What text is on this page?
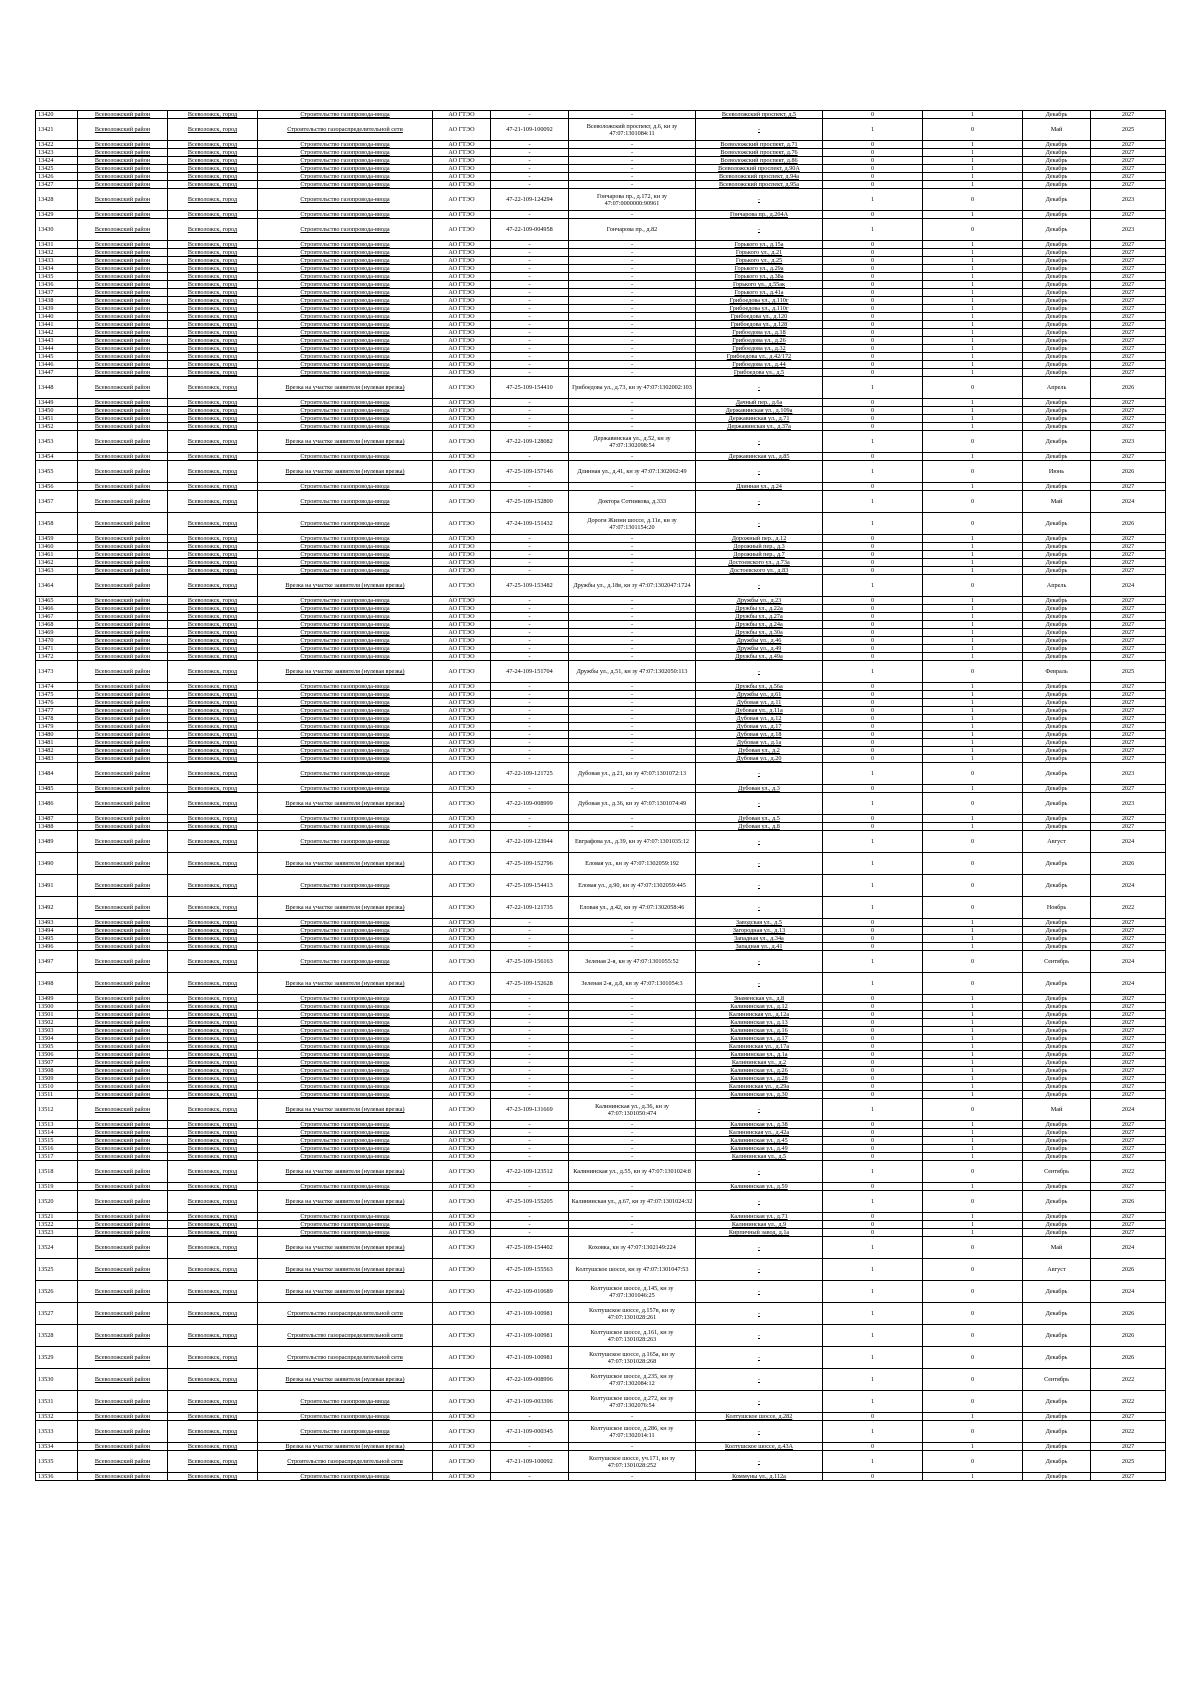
13420	Всеволожский район	Всеволожск, город	Строительство газопровода-ввода	АО ГТЭО	-	-	Всеволожский проспект, д.5	0	1	Декабрь	2027
13421	Всеволожский район	Всеволожск, город	Строительство газораспределительной сети	АО ГТЭО	47-21-109-100092	Всеволожский проспект, д.6, кн зу 47:07:1301084:11	-	1	0	Май	2025
13422	Всеволожский район	Всеволожск, город	Строительство газопровода-ввода	АО ГТЭО	-	-	Всеволожский проспект, д.71	0	1	Декабрь	2027
13423	Всеволожский район	Всеволожск, город	Строительство газопровода-ввода	АО ГТЭО	-	-	Всеволожский проспект, д.76	0	1	Декабрь	2027
13424	Всеволожский район	Всеволожск, город	Строительство газопровода-ввода	АО ГТЭО	-	-	Всеволожский проспект, д.86	0	1	Декабрь	2027
13425	Всеволожский район	Всеволожск, город	Строительство газопровода-ввода	АО ГТЭО	-	-	Всеволожский проспект, д.90А	0	1	Декабрь	2027
13426	Всеволожский район	Всеволожск, город	Строительство газопровода-ввода	АО ГТЭО	-	-	Всеволожский проспект, д.94а	0	1	Декабрь	2027
13427	Всеволожский район	Всеволожск, город	Строительство газопровода-ввода	АО ГТЭО	-	-	Всеволожский проспект, д.95а	0	1	Декабрь	2027
13428	Всеволожский район	Всеволожск, город	Строительство газопровода-ввода	АО ГТЭО	47-22-109-124294	Гончарова пр., д.172, кн зу 47:07:0000000:90961	-	1	0	Декабрь	2023
13429	Всеволожский район	Всеволожск, город	Строительство газопровода-ввода	АО ГТЭО	-	-	Гончарова пр., д.204А	0	1	Декабрь	2027
13430	Всеволожский район	Всеволожск, город	Строительство газопровода-ввода	АО ГТЭО	47-22-109-004958	Гончарова пр., д.82	-	1	0	Декабрь	2023
13431	Всеволожский район	Всеволожск, город	Строительство газопровода-ввода	АО ГТЭО	-	-	Горького ул., д.15а	0	1	Декабрь	2027
13432	Всеволожский район	Всеволожск, город	Строительство газопровода-ввода	АО ГТЭО	-	-	Горького ул., д.21	0	1	Декабрь	2027
13433	Всеволожский район	Всеволожск, город	Строительство газопровода-ввода	АО ГТЭО	-	-	Горького ул., д.25	0	1	Декабрь	2027
13434	Всеволожский район	Всеволожск, город	Строительство газопровода-ввода	АО ГТЭО	-	-	Горького ул., д.29а	0	1	Декабрь	2027
13435	Всеволожский район	Всеволожск, город	Строительство газопровода-ввода	АО ГТЭО	-	-	Горького ул., д.38а	0	1	Декабрь	2027
13436	Всеволожский район	Всеволожск, город	Строительство газопровода-ввода	АО ГТЭО	-	-	Горького ул., д.55ак	0	1	Декабрь	2027
13437	Всеволожский район	Всеволожск, город	Строительство газопровода-ввода	АО ГТЭО	-	-	Горького ул., д.41а	0	1	Декабрь	2027
13438	Всеволожский район	Всеволожск, город	Строительство газопровода-ввода	АО ГТЭО	-	-	Грибоедова ул., д.110г	0	1	Декабрь	2027
13439	Всеволожский район	Всеволожск, город	Строительство газопровода-ввода	АО ГТЭО	-	-	Грибоедова ул., д.110г	0	1	Декабрь	2027
13440	Всеволожский район	Всеволожск, город	Строительство газопровода-ввода	АО ГТЭО	-	-	Грибоедова ул., д.120	0	1	Декабрь	2027
13441	Всеволожский район	Всеволожск, город	Строительство газопровода-ввода	АО ГТЭО	-	-	Грибоедова ул., д.128	0	1	Декабрь	2027
13442	Всеволожский район	Всеволожск, город	Строительство газопровода-ввода	АО ГТЭО	-	-	Грибоедова ул., д.18	0	1	Декабрь	2027
13443	Всеволожский район	Всеволожск, город	Строительство газопровода-ввода	АО ГТЭО	-	-	Грибоедова ул., д.26	0	1	Декабрь	2027
13444	Всеволожский район	Всеволожск, город	Строительство газопровода-ввода	АО ГТЭО	-	-	Грибоедова ул., д.32	0	1	Декабрь	2027
13445	Всеволожский район	Всеволожск, город	Строительство газопровода-ввода	АО ГТЭО	-	-	Грибоедова ул., д.42/172	0	1	Декабрь	2027
13446	Всеволожский район	Всеволожск, город	Строительство газопровода-ввода	АО ГТЭО	-	-	Грибоедова ул., д.44	0	1	Декабрь	2027
13447	Всеволожский район	Всеволожск, город	Строительство газопровода-ввода	АО ГТЭО	-	-	Грибоедова ул., д.5	0	1	Декабрь	2027
13448	Всеволожский район	Всеволожск, город	Врезка на участке заявителя (нулевая врезка)	АО ГТЭО	47-25-109-154410	Грибоедова ул., д.73, кн зу 47:07:1302002:103	-	1	0	Апрель	2026
13449	Всеволожский район	Всеволожск, город	Строительство газопровода-ввода	АО ГТЭО	-	-	Дачный пер., д.6а	0	1	Декабрь	2027
13450	Всеволожский район	Всеволожск, город	Строительство газопровода-ввода	АО ГТЭО	-	-	Державинская ул., д.109а	0	1	Декабрь	2027
13451	Всеволожский район	Всеволожск, город	Строительство газопровода-ввода	АО ГТЭО	-	-	Державинская ул., д.71	0	1	Декабрь	2027
13452	Всеволожский район	Всеволожск, город	Строительство газопровода-ввода	АО ГТЭО	-	-	Державинская ул., д.37а	0	1	Декабрь	2027
13453	Всеволожский район	Всеволожск, город	Врезка на участке заявителя (нулевая врезка)	АО ГТЭО	47-22-109-128082	Державинская ул., д.52, кн зу 47:07:1302098:54	-	1	0	Декабрь	2023
13454	Всеволожский район	Всеволожск, город	Строительство газопровода-ввода	АО ГТЭО	-	-	Державинская ул., д.85	0	1	Декабрь	2027
13455	Всеволожский район	Всеволожск, город	Врезка на участке заявителя (нулевая врезка)	АО ГТЭО	47-25-109-157146	Длинная ул., д.41, кн зу 47:07:1302062:49	-	1	0	Июнь	2026
13456	Всеволожский район	Всеволожск, город	Строительство газопровода-ввода	АО ГТЭО	-	-	Длинная ул., д.24	0	1	Декабрь	2027
13457	Всеволожский район	Всеволожск, город	Строительство газопровода-ввода	АО ГТЭО	47-25-109-152800	Доктора Сотникова, д.333	-	1	0	Май	2024
13458	Всеволожский район	Всеволожск, город	Строительство газопровода-ввода	АО ГТЭО	47-24-109-151432	Дороги Жизни шоссе, д.11е, кн зу 47:07:1301154:20	-	1	0	Декабрь	2026
13459	Всеволожский район	Всеволожск, город	Строительство газопровода-ввода	АО ГТЭО	-	-	Дорожный пер., д.12	0	1	Декабрь	2027
13460	Всеволожский район	Всеволожск, город	Строительство газопровода-ввода	АО ГТЭО	-	-	Дорожный пер., д.3	0	1	Декабрь	2027
13461	Всеволожский район	Всеволожск, город	Строительство газопровода-ввода	АО ГТЭО	-	-	Дорожный пер., д.7	0	1	Декабрь	2027
13462	Всеволожский район	Всеволожск, город	Строительство газопровода-ввода	АО ГТЭО	-	-	Достоевского ул., д.73а	0	1	Декабрь	2027
13463	Всеволожский район	Всеволожск, город	Строительство газопровода-ввода	АО ГТЭО	-	-	Достоевского ул., д.83	0	1	Декабрь	2027
13464	Всеволожский район	Всеволожск, город	Врезка на участке заявителя (нулевая врезка)	АО ГТЭО	47-25-109-153482	Дружбы ул., д.18в, кн зу 47:07:1302047:1724	-	1	0	Апрель	2024
13465	Всеволожский район	Всеволожск, город	Строительство газопровода-ввода	АО ГТЭО	-	-	Дружбы ул., д.23	0	1	Декабрь	2027
13466	Всеволожский район	Всеволожск, город	Строительство газопровода-ввода	АО ГТЭО	-	-	Дружбы ул., д.22а	0	1	Декабрь	2027
13467	Всеволожский район	Всеволожск, город	Строительство газопровода-ввода	АО ГТЭО	-	-	Дружбы ул., д.27а	0	1	Декабрь	2027
13468	Всеволожский район	Всеволожск, город	Строительство газопровода-ввода	АО ГТЭО	-	-	Дружбы ул., д.24а	0	1	Декабрь	2027
13469	Всеволожский район	Всеволожск, город	Строительство газопровода-ввода	АО ГТЭО	-	-	Дружбы ул., д.30а	0	1	Декабрь	2027
13470	Всеволожский район	Всеволожск, город	Строительство газопровода-ввода	АО ГТЭО	-	-	Дружбы ул., д.46	0	1	Декабрь	2027
13471	Всеволожский район	Всеволожск, город	Строительство газопровода-ввода	АО ГТЭО	-	-	Дружбы ул., д.49	0	1	Декабрь	2027
13472	Всеволожский район	Всеволожск, город	Строительство газопровода-ввода	АО ГТЭО	-	-	Дружбы ул., д.49а	0	1	Декабрь	2027
13473	Всеволожский район	Всеволожск, город	Врезка на участке заявителя (нулевая врезка)	АО ГТЭО	47-24-109-151704	Дружбы ул., д.51, кн зу 47:07:1302050:113	-	1	0	Февраль	2025
13474	Всеволожский район	Всеволожск, город	Строительство газопровода-ввода	АО ГТЭО	-	-	Дружбы ул., д.56а	0	1	Декабрь	2027
13475	Всеволожский район	Всеволожск, город	Строительство газопровода-ввода	АО ГТЭО	-	-	Дружбы ул., д.61	0	1	Декабрь	2027
13476	Всеволожский район	Всеволожск, город	Строительство газопровода-ввода	АО ГТЭО	-	-	Дубовая ул., д.11	0	1	Декабрь	2027
13477	Всеволожский район	Всеволожск, город	Строительство газопровода-ввода	АО ГТЭО	-	-	Дубовая ул., д.11а	0	1	Декабрь	2027
13478	Всеволожский район	Всеволожск, город	Строительство газопровода-ввода	АО ГТЭО	-	-	Дубовая ул., д.12	0	1	Декабрь	2027
13479	Всеволожский район	Всеволожск, город	Строительство газопровода-ввода	АО ГТЭО	-	-	Дубовая ул., д.17	0	1	Декабрь	2027
13480	Всеволожский район	Всеволожск, город	Строительство газопровода-ввода	АО ГТЭО	-	-	Дубовая ул., д.18	0	1	Декабрь	2027
13481	Всеволожский район	Всеволожск, город	Строительство газопровода-ввода	АО ГТЭО	-	-	Дубовая ул., д.1а	0	1	Декабрь	2027
13482	Всеволожский район	Всеволожск, город	Строительство газопровода-ввода	АО ГТЭО	-	-	Дубовая ул., д.2	0	1	Декабрь	2027
13483	Всеволожский район	Всеволожск, город	Строительство газопровода-ввода	АО ГТЭО	-	-	Дубовая ул., д.20	0	1	Декабрь	2027
13484	Всеволожский район	Всеволожск, город	Строительство газопровода-ввода	АО ГТЭО	47-22-109-121725	Дубовая ул., д.21, кн зу 47:07:1301072:13	-	1	0	Декабрь	2023
13485	Всеволожский район	Всеволожск, город	Строительство газопровода-ввода	АО ГТЭО	-	-	Дубовая ул., д.3	0	1	Декабрь	2027
13486	Всеволожский район	Всеволожск, город	Врезка на участке заявителя (нулевая врезка)	АО ГТЭО	47-22-109-008999	Дубовая ул., д.36, кн зу 47:07:1301074:49	-	1	0	Декабрь	2023
13487	Всеволожский район	Всеволожск, город	Строительство газопровода-ввода	АО ГТЭО	-	-	Дубовая ул., д.5	0	1	Декабрь	2027
13488	Всеволожский район	Всеволожск, город	Строительство газопровода-ввода	АО ГТЭО	-	-	Дубовая ул., д.8	0	1	Декабрь	2027
13489	Всеволожский район	Всеволожск, город	Строительство газопровода-ввода	АО ГТЭО	47-22-109-123944	Евграфова ул., д.39, кн зу 47:07:1301035:12	-	1	0	Август	2024
13490	Всеволожский район	Всеволожск, город	Врезка на участке заявителя (нулевая врезка)	АО ГТЭО	47-25-109-152796	Еловая ул., кн зу 47:07:1302059:192	-	1	0	Декабрь	2026
13491	Всеволожский район	Всеволожск, город	Строительство газопровода-ввода	АО ГТЭО	47-25-109-154413	Еловая ул., д.90, кн зу 47:07:1302059:445	-	1	0	Декабрь	2024
13492	Всеволожский район	Всеволожск, город	Врезка на участке заявителя (нулевая врезка)	АО ГТЭО	47-22-109-121735	Еловая ул., д.42, кн зу 47:07:1302058:46	-	1	0	Ноябрь	2022
13493	Всеволожский район	Всеволожск, город	Строительство газопровода-ввода	АО ГТЭО	-	-	Заводская ул., д.5	0	1	Декабрь	2027
13494	Всеволожский район	Всеволожск, город	Строительство газопровода-ввода	АО ГТЭО	-	-	Загородная ул., д.13	0	1	Декабрь	2027
13495	Всеволожский район	Всеволожск, город	Строительство газопровода-ввода	АО ГТЭО	-	-	Западная ул., д.34а	0	1	Декабрь	2027
13496	Всеволожский район	Всеволожск, город	Строительство газопровода-ввода	АО ГТЭО	-	-	Западная ул., д.41	0	1	Декабрь	2027
13497	Всеволожский район	Всеволожск, город	Строительство газопровода-ввода	АО ГТЭО	47-25-109-156163	Зеленая 2-я, кн зу 47:07:1301055:52	-	1	0	Сентябрь	2024
13498	Всеволожский район	Всеволожск, город	Врезка на участке заявителя (нулевая врезка)	АО ГТЭО	47-25-109-152628	Зеленая 2-я, д.8, кн зу 47:07:1301054:3	-	1	0	Декабрь	2024
13499	Всеволожский район	Всеволожск, город	Строительство газопровода-ввода	АО ГТЭО	-	-	Знаменская ул., д.8	0	1	Декабрь	2027
13500	Всеволожский район	Всеволожск, город	Строительство газопровода-ввода	АО ГТЭО	-	-	Калининская ул., д.12	0	1	Декабрь	2027
13501	Всеволожский район	Всеволожск, город	Строительство газопровода-ввода	АО ГТЭО	-	-	Калининская ул., д.12а	0	1	Декабрь	2027
13502	Всеволожский район	Всеволожск, город	Строительство газопровода-ввода	АО ГТЭО	-	-	Калининская ул., д.13	0	1	Декабрь	2027
13503	Всеволожский район	Всеволожск, город	Строительство газопровода-ввода	АО ГТЭО	-	-	Калининская ул., д.16	0	1	Декабрь	2027
13504	Всеволожский район	Всеволожск, город	Строительство газопровода-ввода	АО ГТЭО	-	-	Калининская ул., д.17	0	1	Декабрь	2027
13505	Всеволожский район	Всеволожск, город	Строительство газопровода-ввода	АО ГТЭО	-	-	Калининская ул., д.17а	0	1	Декабрь	2027
13506	Всеволожский район	Всеволожск, город	Строительство газопровода-ввода	АО ГТЭО	-	-	Калининская ул., д.1а	0	1	Декабрь	2027
13507	Всеволожский район	Всеволожск, город	Строительство газопровода-ввода	АО ГТЭО	-	-	Калининская ул., д.2	0	1	Декабрь	2027
13508	Всеволожский район	Всеволожск, город	Строительство газопровода-ввода	АО ГТЭО	-	-	Калининская ул., д.26	0	1	Декабрь	2027
13509	Всеволожский район	Всеволожск, город	Строительство газопровода-ввода	АО ГТЭО	-	-	Калининская ул., д.28	0	1	Декабрь	2027
13510	Всеволожский район	Всеволожск, город	Строительство газопровода-ввода	АО ГТЭО	-	-	Калининская ул., д.29а	0	1	Декабрь	2027
13511	Всеволожский район	Всеволожск, город	Строительство газопровода-ввода	АО ГТЭО	-	-	Калининская ул., д.30	0	1	Декабрь	2027
13512	Всеволожский район	Всеволожск, город	Врезка на участке заявителя (нулевая врезка)	АО ГТЭО	47-23-109-131669	Калининская ул., д.36, кн зу 47:07:1301050:474	-	1	0	Май	2024
13513	Всеволожский район	Всеволожск, город	Строительство газопровода-ввода	АО ГТЭО	-	-	Калининская ул., д.38	0	1	Декабрь	2027
13514	Всеволожский район	Всеволожск, город	Строительство газопровода-ввода	АО ГТЭО	-	-	Калининская ул., д.42а	0	1	Декабрь	2027
13515	Всеволожский район	Всеволожск, город	Строительство газопровода-ввода	АО ГТЭО	-	-	Калининская ул., д.45	0	1	Декабрь	2027
13516	Всеволожский район	Всеволожск, город	Строительство газопровода-ввода	АО ГТЭО	-	-	Калининская ул., д.49	0	1	Декабрь	2027
13517	Всеволожский район	Всеволожск, город	Строительство газопровода-ввода	АО ГТЭО	-	-	Калининская ул., д.5	0	1	Декабрь	2027
13518	Всеволожский район	Всеволожск, город	Врезка на участке заявителя (нулевая врезка)	АО ГТЭО	47-22-109-123512	Калининская ул., д.55, кн зу 47:07:1301024:8	-	1	0	Сентябрь	2022
13519	Всеволожский район	Всеволожск, город	Строительство газопровода-ввода	АО ГТЭО	-	-	Калининская ул., д.59	0	1	Декабрь	2027
13520	Всеволожский район	Всеволожск, город	Врезка на участке заявителя (нулевая врезка)	АО ГТЭО	47-25-109-155205	Калининская ул., д.67, кн зу 47:07:1301024:32	-	1	0	Декабрь	2026
13521	Всеволожский район	Всеволожск, город	Строительство газопровода-ввода	АО ГТЭО	-	-	Калининская ул., д.71	0	1	Декабрь	2027
13522	Всеволожский район	Всеволожск, город	Строительство газопровода-ввода	АО ГТЭО	-	-	Калининская ул., д.9	0	1	Декабрь	2027
13523	Всеволожский район	Всеволожск, город	Строительство газопровода-ввода	АО ГТЭО	-	-	Кирпичный завод, д.1а	0	1	Декабрь	2027
13524	Всеволожский район	Всеволожск, город	Врезка на участке заявителя (нулевая врезка)	АО ГТЭО	47-25-109-154402	Коховка, кн зу 47:07:1302149:224	-	1	0	Май	2024
13525	Всеволожский район	Всеволожск, город	Врезка на участке заявителя (нулевая врезка)	АО ГТЭО	47-25-109-155563	Колтушское шоссе, кн зу 47:07:1301047:53	-	1	0	Август	2026
13526	Всеволожский район	Всеволожск, город	Врезка на участке заявителя (нулевая врезка)	АО ГТЭО	47-22-109-010689	Колтушское шоссе, д.145, кн зу 47:07:1301046:25	-	1	0	Декабрь	2024
13527	Всеволожский район	Всеволожск, город	Строительство газораспределительной сети	АО ГТЭО	47-21-109-100981	Колтушское шоссе, д.157в, кн зу 47:07:1301028:261	-	1	0	Декабрь	2026
13528	Всеволожский район	Всеволожск, город	Строительство газораспределительной сети	АО ГТЭО	47-21-109-100981	Колтушское шоссе, д.161, кн зу 47:07:1301028:263	-	1	0	Декабрь	2026
13529	Всеволожский район	Всеволожск, город	Строительство газораспределительной сети	АО ГТЭО	47-21-109-100981	Колтушское шоссе, д.165а, кн зу 47:07:1301028:268	-	1	0	Декабрь	2026
13530	Всеволожский район	Всеволожск, город	Врезка на участке заявителя (нулевая врезка)	АО ГТЭО	47-22-109-008996	Колтушское шоссе, д.235, кн зу 47:07:1302084:12	-	1	0	Сентябрь	2022
13531	Всеволожский район	Всеволожск, город	Строительство газопровода-ввода	АО ГТЭО	47-21-109-003396	Колтушское шоссе, д.272, кн зу 47:07:1302076:54	-	1	0	Декабрь	2022
13532	Всеволожский район	Всеволожск, город	Строительство газопровода-ввода	АО ГТЭО	-	-	Колтушское шоссе, д.282	0	1	Декабрь	2027
13533	Всеволожский район	Всеволожск, город	Строительство газопровода-ввода	АО ГТЭО	47-21-109-000345	Колтушское шоссе, д.286, кн зу 47:07:1302014:11	-	1	0	Декабрь	2022
13534	Всеволожский район	Всеволожск, город	Врезка на участке заявителя (нулевая врезка)	АО ГТЭО	-	-	Колтушское шоссе, д.43А	0	1	Декабрь	2027
13535	Всеволожский район	Всеволожск, город	Строительство газораспределительной сети	АО ГТЭО	47-21-109-100092	Колтушское шоссе, уч.171, кн зу 47:07:1301028:252	-	1	0	Декабрь	2025
13536	Всеволожский район	Всеволожск, город	Строительство газопровода-ввода	АО ГТЭО	-	-	Коммуны ул., д.112а	0	1	Декабрь	2027
